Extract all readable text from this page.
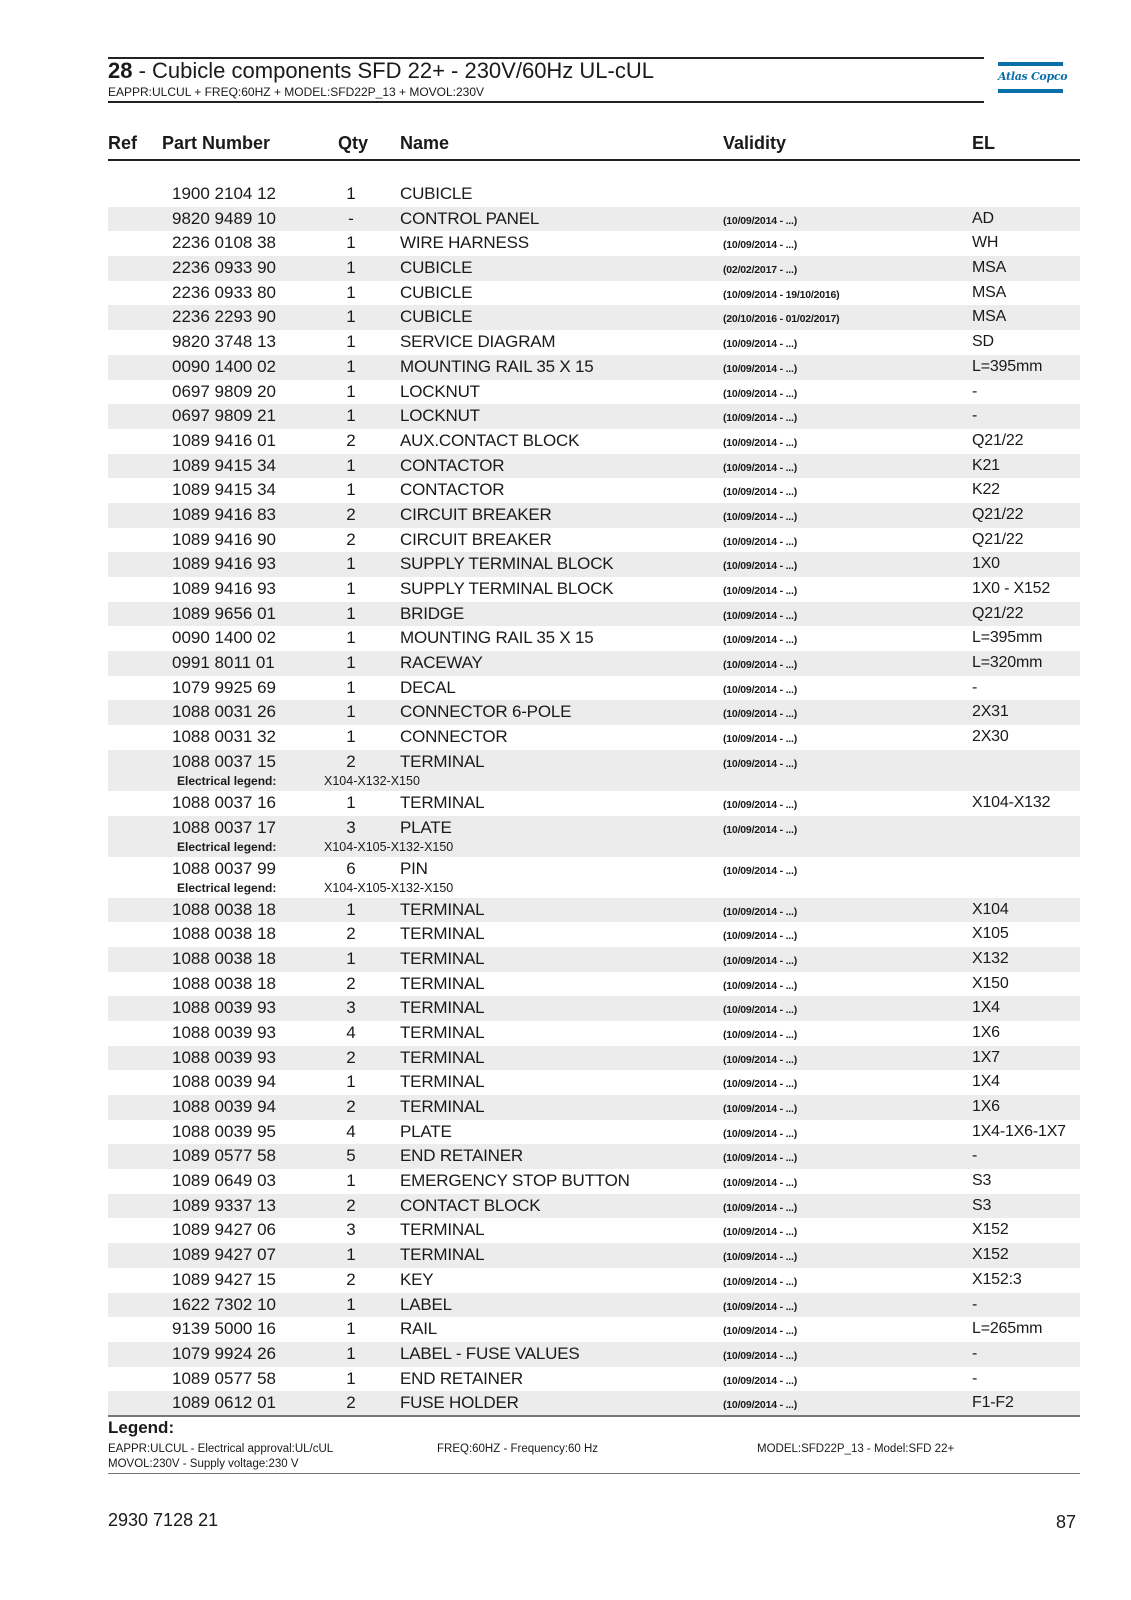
28 - Cubicle components SFD 22+ - 230V/60Hz UL-cUL
EAPPR:ULCUL + FREQ:60HZ + MODEL:SFD22P_13 + MOVOL:230V
Atlas Copco
Ref Part Number	Qty Name	Validity	EL
1900 2104 12	1	CUBICLE
9820 9489 10	-	CONTROL PANEL	(10/09/2014 - ...)	AD
2236 0108 38	1	WIRE HARNESS	(10/09/2014 - ...)	WH
2236 0933 90	1	CUBICLE	(02/02/2017 - ...)	MSA
2236 0933 80	1	CUBICLE	(10/09/2014 - 19/10/2016)	MSA
2236 2293 90	1	CUBICLE	(20/10/2016 - 01/02/2017)	MSA
9820 3748 13	1	SERVICE DIAGRAM	(10/09/2014 - ...)	SD
0090 1400 02	1	MOUNTING RAIL 35 X 15	(10/09/2014 - ...)	L=395mm
0697 9809 20	1	LOCKNUT	(10/09/2014 - ...)	-
0697 9809 21	1	LOCKNUT	(10/09/2014 - ...)	-
1089 9416 01	2	AUX.CONTACT BLOCK	(10/09/2014 - ...)	Q21/22
1089 9415 34	1	CONTACTOR	(10/09/2014 - ...)	K21
1089 9415 34	1	CONTACTOR	(10/09/2014 - ...)	K22
1089 9416 83	2	CIRCUIT BREAKER	(10/09/2014 - ...)	Q21/22
1089 9416 90	2	CIRCUIT BREAKER	(10/09/2014 - ...)	Q21/22
1089 9416 93	1	SUPPLY TERMINAL BLOCK	(10/09/2014 - ...)	1X0
1089 9416 93	1	SUPPLY TERMINAL BLOCK	(10/09/2014 - ...)	1X0 - X152
1089 9656 01	1	BRIDGE	(10/09/2014 - ...)	Q21/22
0090 1400 02	1	MOUNTING RAIL 35 X 15	(10/09/2014 - ...)	L=395mm
0991 8011 01	1	RACEWAY	(10/09/2014 - ...)	L=320mm
1079 9925 69	1	DECAL	(10/09/2014 - ...)	-
1088 0031 26	1	CONNECTOR 6-POLE	(10/09/2014 - ...)	2X31
1088 0031 32	1	CONNECTOR	(10/09/2014 - ...)	2X30
1088 0037 15	2	TERMINAL	(10/09/2014 - ...)
Electrical legend:	X104-X132-X150
1088 0037 16	1	TERMINAL	(10/09/2014 - ...)	X104-X132
1088 0037 17	3	PLATE	(10/09/2014 - ...)
Electrical legend:	X104-X105-X132-X150
1088 0037 99	6	PIN	(10/09/2014 - ...)
Electrical legend:	X104-X105-X132-X150
1088 0038 18	1	TERMINAL	(10/09/2014 - ...)	X104
1088 0038 18	2	TERMINAL	(10/09/2014 - ...)	X105
1088 0038 18	1	TERMINAL	(10/09/2014 - ...)	X132
1088 0038 18	2	TERMINAL	(10/09/2014 - ...)	X150
1088 0039 93	3	TERMINAL	(10/09/2014 - ...)	1X4
1088 0039 93	4	TERMINAL	(10/09/2014 - ...)	1X6
1088 0039 93	2	TERMINAL	(10/09/2014 - ...)	1X7
1088 0039 94	1	TERMINAL	(10/09/2014 - ...)	1X4
1088 0039 94	2	TERMINAL	(10/09/2014 - ...)	1X6
1088 0039 95	4	PLATE	(10/09/2014 - ...)	1X4-1X6-1X7
1089 0577 58	5	END RETAINER	(10/09/2014 - ...)	-
1089 0649 03	1	EMERGENCY STOP BUTTON	(10/09/2014 - ...)	S3
1089 9337 13	2	CONTACT BLOCK	(10/09/2014 - ...)	S3
1089 9427 06	3	TERMINAL	(10/09/2014 - ...)	X152
1089 9427 07	1	TERMINAL	(10/09/2014 - ...)	X152
1089 9427 15	2	KEY	(10/09/2014 - ...)	X152:3
1622 7302 10	1	LABEL	(10/09/2014 - ...)	-
9139 5000 16	1	RAIL	(10/09/2014 - ...)	L=265mm
1079 9924 26	1	LABEL - FUSE VALUES	(10/09/2014 - ...)	-
1089 0577 58	1	END RETAINER	(10/09/2014 - ...)	-
1089 0612 01	2	FUSE HOLDER	(10/09/2014 - ...)	F1-F2
Legend:
EAPPR:ULCUL - Electrical approval:UL/cUL	FREQ:60HZ - Frequency:60 Hz	MODEL:SFD22P_13 - Model:SFD 22+
MOVOL:230V - Supply voltage:230 V
2930 7128 21	87
